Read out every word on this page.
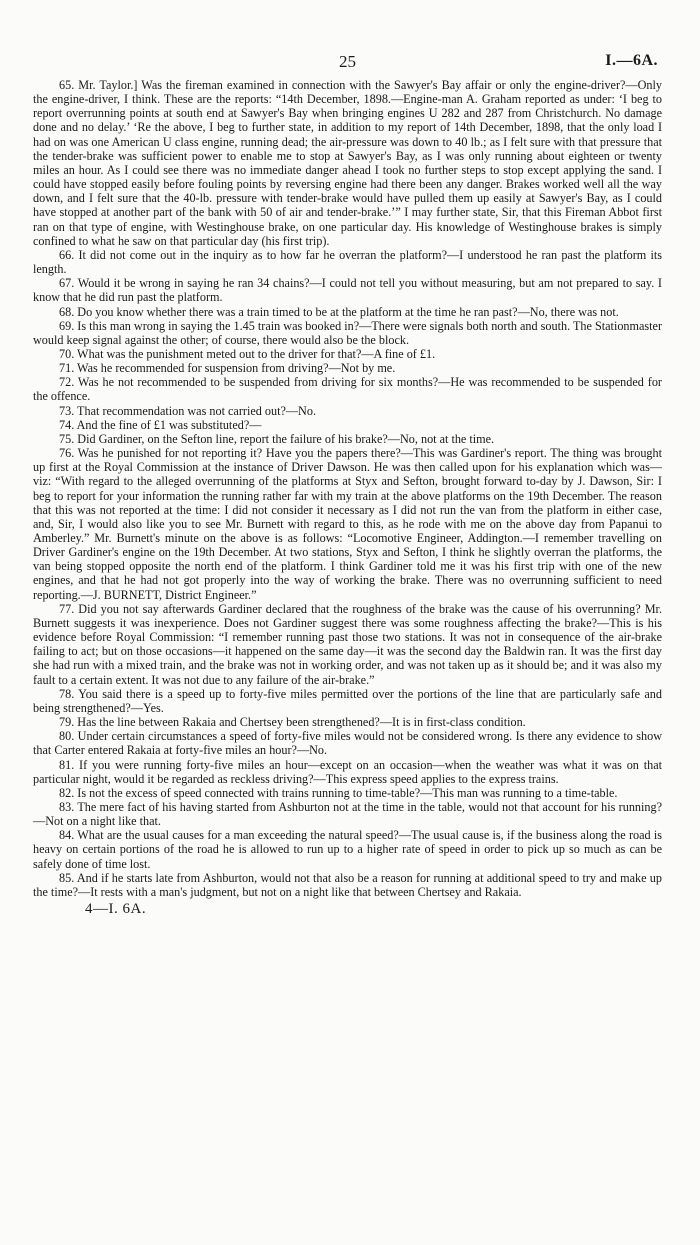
25	I.—6A.

65. Mr. Taylor.] Was the fireman examined in connection with the Sawyer's Bay affair or only the engine-driver?—Only the engine-driver, I think. These are the reports: “14th December, 1898.—Engine-man A. Graham reported as under: ‘I beg to report overrunning points at south end at Sawyer's Bay when bringing engines U 282 and 287 from Christchurch. No damage done and no delay.’ ‘Re the above, I beg to further state, in addition to my report of 14th December, 1898, that the only load I had on was one American U class engine, running dead; the air-pressure was down to 40 lb.; as I felt sure with that pressure that the tender-brake was sufficient power to enable me to stop at Sawyer's Bay, as I was only running about eighteen or twenty miles an hour. As I could see there was no immediate danger ahead I took no further steps to stop except applying the sand. I could have stopped easily before fouling points by reversing engine had there been any danger. Brakes worked well all the way down, and I felt sure that the 40-lb. pressure with tender-brake would have pulled them up easily at Sawyer's Bay, as I could have stopped at another part of the bank with 50 of air and tender-brake.’” I may further state, Sir, that this Fireman Abbot first ran on that type of engine, with Westinghouse brake, on one particular day. His knowledge of Westinghouse brakes is simply confined to what he saw on that particular day (his first trip).

66. It did not come out in the inquiry as to how far he overran the platform?—I understood he ran past the platform its length.

67. Would it be wrong in saying he ran 34 chains?—I could not tell you without measuring, but am not prepared to say. I know that he did run past the platform.

68. Do you know whether there was a train timed to be at the platform at the time he ran past?—No, there was not.

69. Is this man wrong in saying the 1.45 train was booked in?—There were signals both north and south. The Stationmaster would keep signal against the other; of course, there would also be the block.

70. What was the punishment meted out to the driver for that?—A fine of £1.

71. Was he recommended for suspension from driving?—Not by me.

72. Was he not recommended to be suspended from driving for six months?—He was recommended to be suspended for the offence.

73. That recommendation was not carried out?—No.

74. And the fine of £1 was substituted?—

75. Did Gardiner, on the Sefton line, report the failure of his brake?—No, not at the time.

76. Was he punished for not reporting it? Have you the papers there?—This was Gardiner's report. The thing was brought up first at the Royal Commission at the instance of Driver Dawson. He was then called upon for his explanation which was—viz: “With regard to the alleged overrunning of the platforms at Styx and Sefton, brought forward to-day by J. Dawson, Sir: I beg to report for your information the running rather far with my train at the above platforms on the 19th December. The reason that this was not reported at the time: I did not consider it necessary as I did not run the van from the platform in either case, and, Sir, I would also like you to see Mr. Burnett with regard to this, as he rode with me on the above day from Papanui to Amberley.” Mr. Burnett's minute on the above is as follows: “Locomotive Engineer, Addington.—I remember travelling on Driver Gardiner's engine on the 19th December. At two stations, Styx and Sefton, I think he slightly overran the platforms, the van being stopped opposite the north end of the platform. I think Gardiner told me it was his first trip with one of the new engines, and that he had not got properly into the way of working the brake. There was no overrunning sufficient to need reporting.—J. BURNETT, District Engineer.”

77. Did you not say afterwards Gardiner declared that the roughness of the brake was the cause of his overrunning? Mr. Burnett suggests it was inexperience. Does not Gardiner suggest there was some roughness affecting the brake?—This is his evidence before Royal Commission: “I remember running past those two stations. It was not in consequence of the air-brake failing to act; but on those occasions—it happened on the same day—it was the second day the Baldwin ran. It was the first day she had run with a mixed train, and the brake was not in working order, and was not taken up as it should be; and it was also my fault to a certain extent. It was not due to any failure of the air-brake.”

78. You said there is a speed up to forty-five miles permitted over the portions of the line that are particularly safe and being strengthened?—Yes.

79. Has the line between Rakaia and Chertsey been strengthened?—It is in first-class condition.

80. Under certain circumstances a speed of forty-five miles would not be considered wrong. Is there any evidence to show that Carter entered Rakaia at forty-five miles an hour?—No.

81. If you were running forty-five miles an hour—except on an occasion—when the weather was what it was on that particular night, would it be regarded as reckless driving?—This express speed applies to the express trains.

82. Is not the excess of speed connected with trains running to time-table?—This man was running to a time-table.

83. The mere fact of his having started from Ashburton not at the time in the table, would not that account for his running?—Not on a night like that.

84. What are the usual causes for a man exceeding the natural speed?—The usual cause is, if the business along the road is heavy on certain portions of the road he is allowed to run up to a higher rate of speed in order to pick up so much as can be safely done of time lost.

85. And if he starts late from Ashburton, would not that also be a reason for running at additional speed to try and make up the time?—It rests with a man's judgment, but not on a night like that between Chertsey and Rakaia.

4—I. 6A.
